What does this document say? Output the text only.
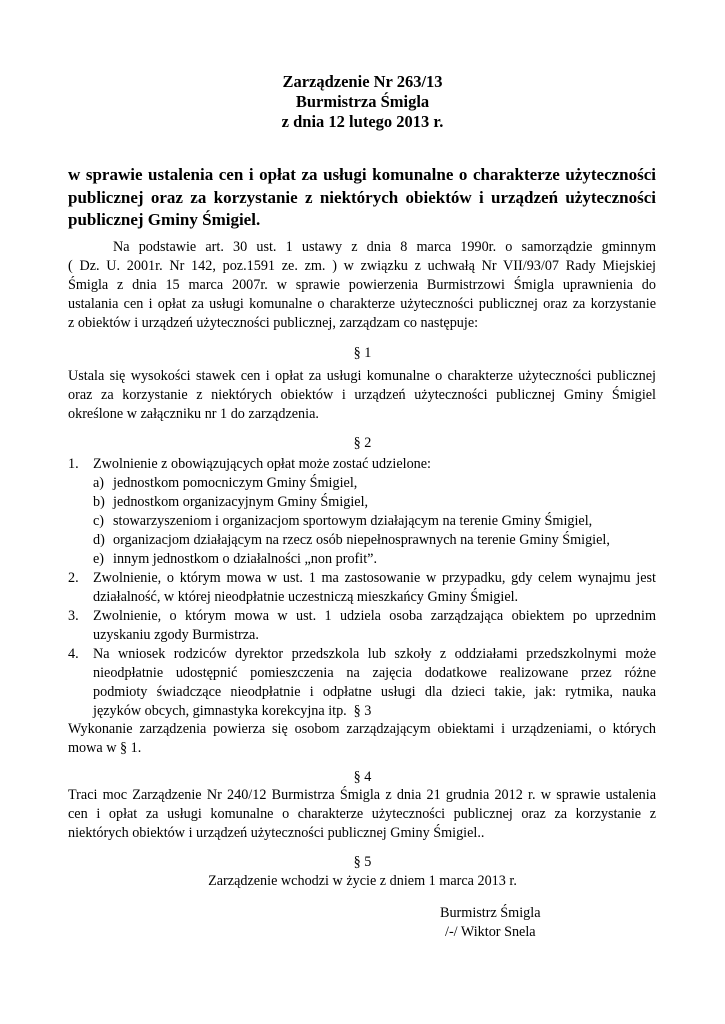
Zarządzenie Nr 263/13
Burmistrza Śmigla
z dnia 12 lutego 2013 r.
w sprawie ustalenia cen i opłat za usługi komunalne o charakterze użyteczności
publicznej oraz za korzystanie z niektórych obiektów i urządzeń użyteczności
publicznej Gminy Śmigiel.
Na podstawie art. 30 ust. 1 ustawy z dnia 8 marca 1990r. o samorządzie gminnym
( Dz. U. 2001r. Nr 142, poz.1591 ze. zm. ) w związku z uchwałą Nr VII/93/07 Rady Miejskiej
Śmigla z dnia 15 marca 2007r. w sprawie powierzenia Burmistrzowi Śmigla uprawnienia do
ustalania cen i opłat za usługi komunalne o charakterze użyteczności publicznej oraz za korzystanie
z obiektów i urządzeń użyteczności publicznej, zarządzam co następuje:
§ 1
Ustala się wysokości stawek cen i opłat za usługi komunalne o charakterze użyteczności publicznej
oraz za korzystanie z niektórych obiektów i urządzeń użyteczności publicznej Gminy Śmigiel
określone w załączniku nr 1 do zarządzenia.
§ 2
1. Zwolnienie z obowiązujących opłat może zostać udzielone:
a) jednostkom pomocniczym Gminy Śmigiel,
b) jednostkom organizacyjnym Gminy Śmigiel,
c) stowarzyszeniom i organizacjom sportowym działającym na terenie Gminy Śmigiel,
d) organizacjom działającym na rzecz osób niepełnosprawnych na terenie Gminy Śmigiel,
e) innym jednostkom o działalności „non profit”.
2. Zwolnienie, o którym mowa w ust. 1 ma zastosowanie w przypadku, gdy celem wynajmu jest
działalność, w której nieodpłatnie uczestniczą mieszkańcy Gminy Śmigiel.
3. Zwolnienie, o którym mowa w ust. 1 udziela osoba zarządzająca obiektem po uprzednim
uzyskaniu zgody Burmistrza.
4. Na wniosek rodziców dyrektor przedszkola lub szkoły z oddziałami przedszkolnymi może
nieodpłatnie udostępnić pomieszczenia na zajęcia dodatkowe realizowane przez różne
podmioty świadczące nieodpłatnie i odpłatne usługi dla dzieci takie, jak: rytmika, nauka
języków obcych, gimnastyka korekcyjna itp. § 3
Wykonanie zarządzenia powierza się osobom zarządzającym obiektami i urządzeniami, o których
mowa w § 1.
§ 4
Traci moc Zarządzenie Nr 240/12 Burmistrza Śmigla z dnia 21 grudnia 2012 r. w sprawie ustalenia
cen i opłat za usługi komunalne o charakterze użyteczności publicznej oraz za korzystanie z
niektórych obiektów i urządzeń użyteczności publicznej Gminy Śmigiel..
§ 5
Zarządzenie wchodzi w życie z dniem 1 marca 2013 r.
Burmistrz Śmigla
/-/ Wiktor Snela
